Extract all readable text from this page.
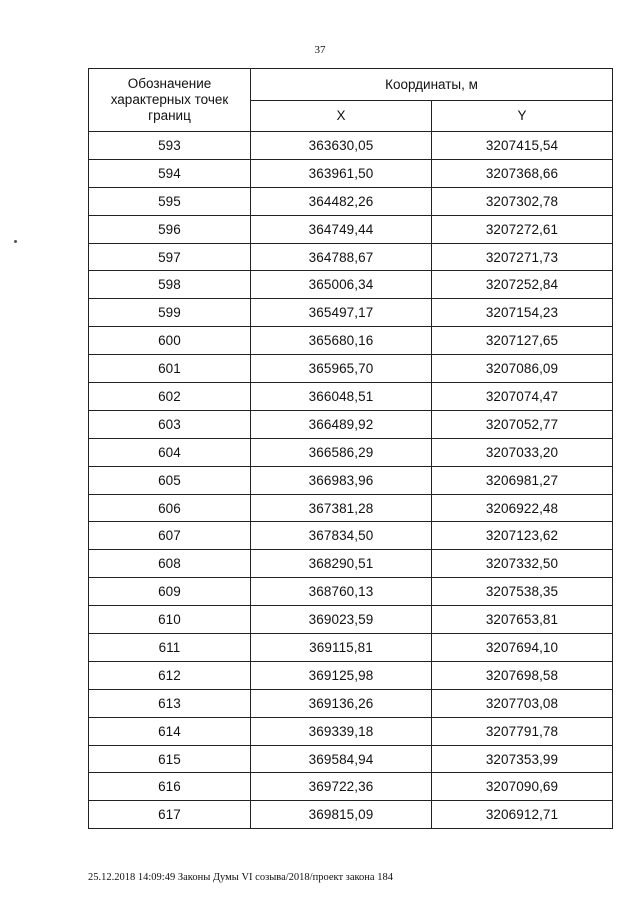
37
Обозначение характерных точек границ	Координаты, м	
	X	Y
593	363630,05	3207415,54
594	363961,50	3207368,66
595	364482,26	3207302,78
596	364749,44	3207272,61
597	364788,67	3207271,73
598	365006,34	3207252,84
599	365497,17	3207154,23
600	365680,16	3207127,65
601	365965,70	3207086,09
602	366048,51	3207074,47
603	366489,92	3207052,77
604	366586,29	3207033,20
605	366983,96	3206981,27
606	367381,28	3206922,48
607	367834,50	3207123,62
608	368290,51	3207332,50
609	368760,13	3207538,35
610	369023,59	3207653,81
611	369115,81	3207694,10
612	369125,98	3207698,58
613	369136,26	3207703,08
614	369339,18	3207791,78
615	369584,94	3207353,99
616	369722,36	3207090,69
617	369815,09	3206912,71
25.12.2018 14:09:49 Законы Думы VI созыва/2018/проект закона 184
